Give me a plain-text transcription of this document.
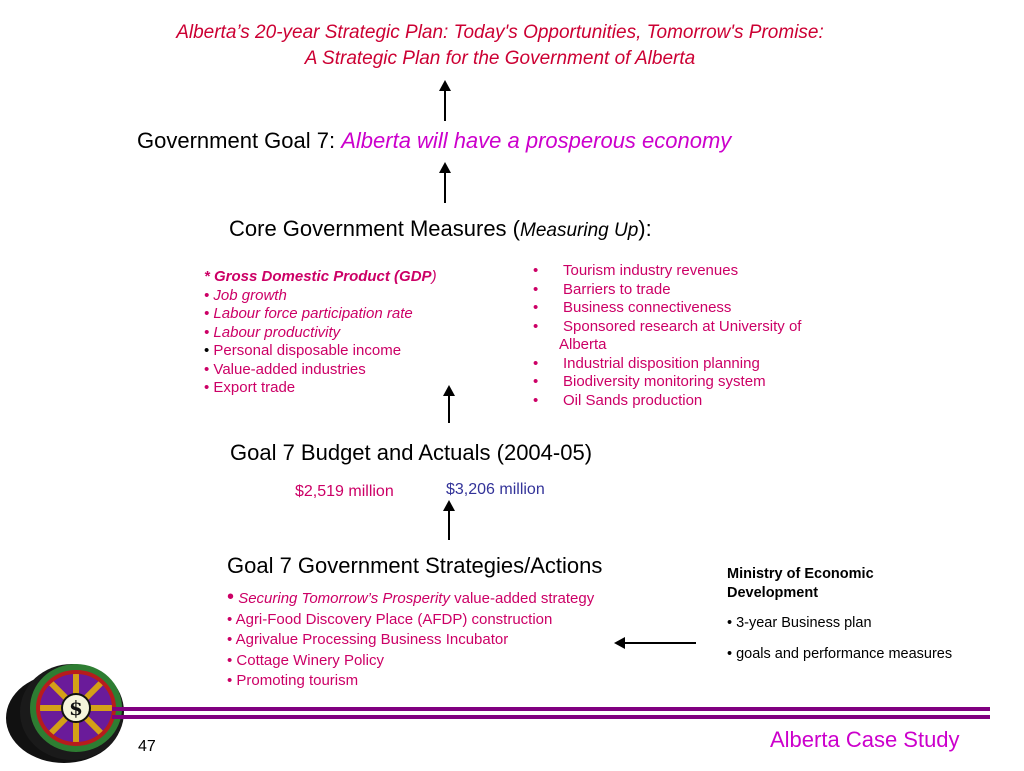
Alberta’s 20-year Strategic Plan: Today's Opportunities, Tomorrow's Promise:
A Strategic Plan for the Government of Alberta
Government Goal 7: Alberta will have a prosperous economy
Core Government Measures (Measuring Up):
* Gross Domestic Product (GDP)
• Job growth
• Labour force participation rate
• Labour productivity
• Personal disposable income
• Value-added industries
• Export trade
•	Tourism industry revenues
•	Barriers to trade
•	Business connectiveness
•	Sponsored research at University of
Alberta
•	Industrial disposition planning
•	Biodiversity monitoring system
•	Oil Sands production
Goal 7 Budget and Actuals (2004-05)
$2,519 million	$3,206 million
Goal 7 Government Strategies/Actions
• Securing Tomorrow’s Prosperity value-added strategy
• Agri-Food Discovery Place (AFDP) construction
• Agrivalue Processing Business Incubator
• Cottage Winery Policy
• Promoting tourism
Ministry of Economic
Development
• 3-year Business plan
• goals and performance measures
$
47	Alberta Case Study
